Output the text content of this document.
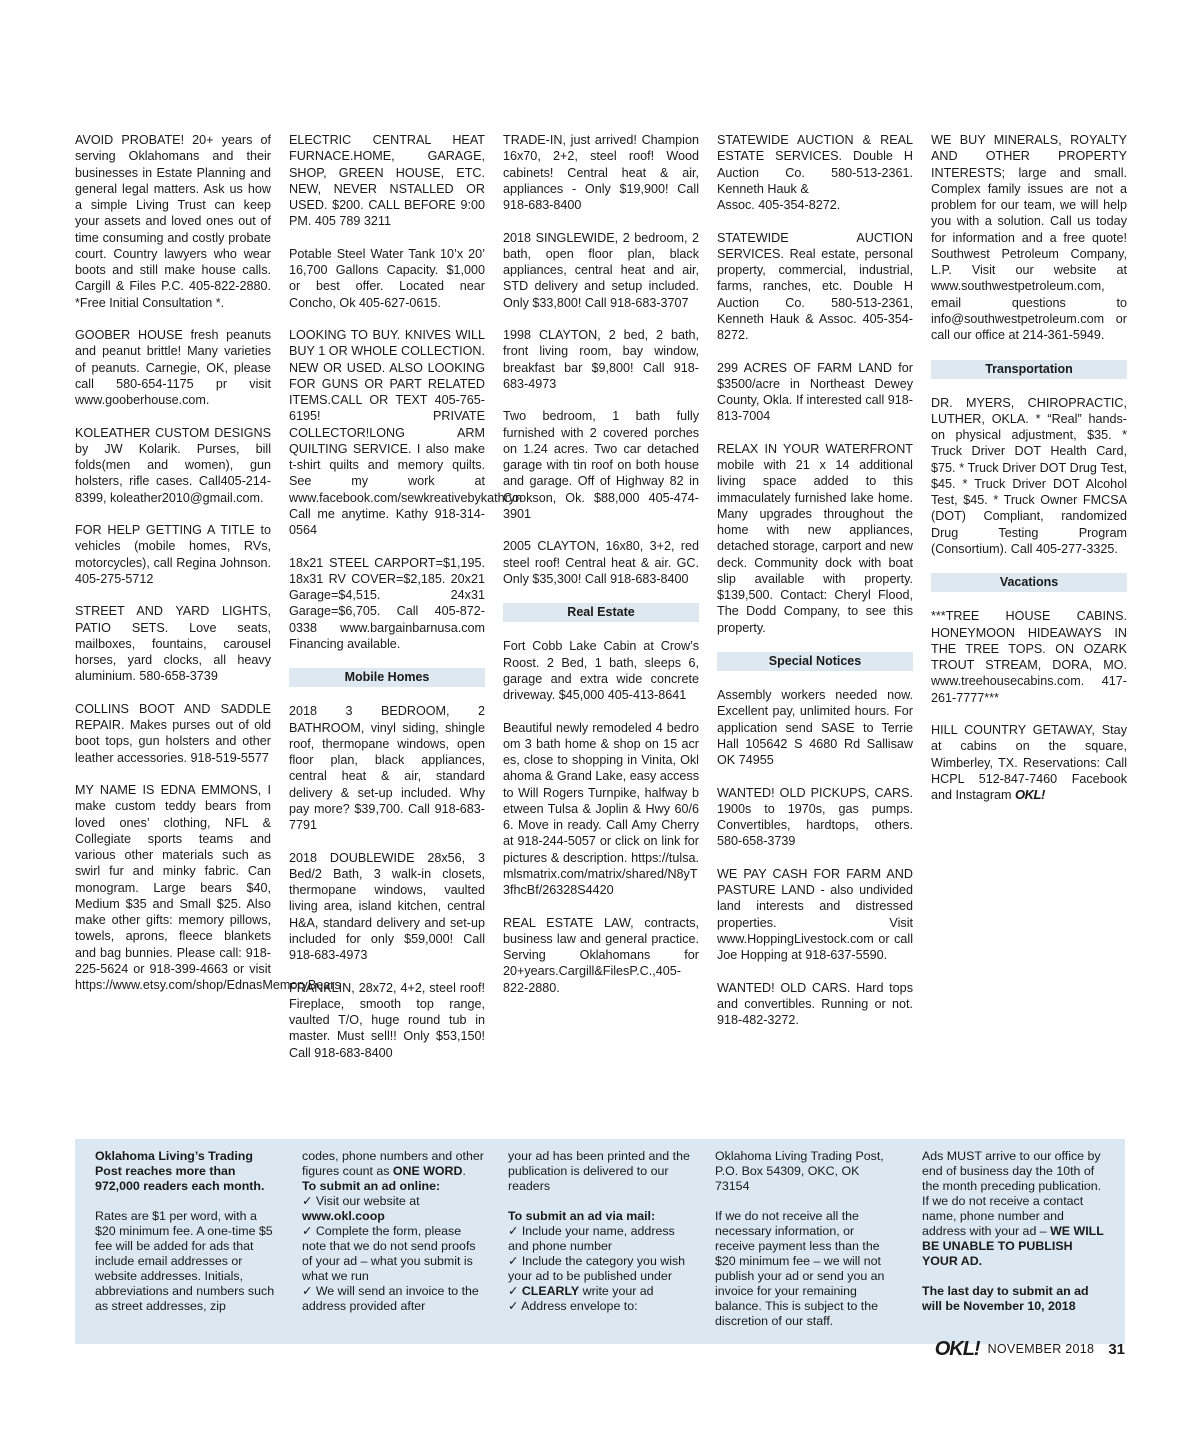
AVOID PROBATE! 20+ years of serving Oklahomans and their businesses in Estate Planning and general legal matters. Ask us how a simple Living Trust can keep your assets and loved ones out of time consuming and costly probate court. Country lawyers who wear boots and still make house calls. Cargill & Files P.C. 405-822-2880. *Free Initial Consultation *.

GOOBER HOUSE fresh peanuts and peanut brittle! Many varieties of peanuts. Carnegie, OK, please call 580-654-1175 pr visit www.gooberhouse.com.

KOLEATHER CUSTOM DESIGNS by JW Kolarik. Purses, bill folds(men and women), gun holsters, rifle cases. Call405-214-8399, koleather2010@gmail.com.

FOR HELP GETTING A TITLE to vehicles (mobile homes, RVs, motorcycles), call Regina Johnson. 405-275-5712

STREET AND YARD LIGHTS, PATIO SETS. Love seats, mailboxes, fountains, carousel horses, yard clocks, all heavy aluminium. 580-658-3739

COLLINS BOOT AND SADDLE REPAIR. Makes purses out of old boot tops, gun holsters and other leather accessories. 918-519-5577

MY NAME IS EDNA EMMONS, I make custom teddy bears from loved ones’ clothing, NFL & Collegiate sports teams and various other materials such as swirl fur and minky fabric. Can monogram. Large bears $40, Medium $35 and Small $25. Also make other gifts: memory pillows, towels, aprons, fleece blankets and bag bunnies. Please call: 918-225-5624 or 918-399-4663 or visit https://www.etsy.com/shop/EdnasMemoryBears

ELECTRIC CENTRAL HEAT FURNACE.HOME, GARAGE, SHOP, GREEN HOUSE, ETC. NEW, NEVER NSTALLED OR USED. $200. CALL BEFORE 9:00 PM. 405 789 3211

Potable Steel Water Tank 10’x 20’ 16,700 Gallons Capacity. $1,000 or best offer. Located near Concho, Ok 405-627-0615.

LOOKING TO BUY. KNIVES WILL BUY 1 OR WHOLE COLLECTION. NEW OR USED. ALSO LOOKING FOR GUNS OR PART RELATED ITEMS.CALL OR TEXT 405-765-6195! PRIVATE COLLECTOR!LONG ARM QUILTING SERVICE. I also make t-shirt quilts and memory quilts. See my work at www.facebook.com/sewkreativebykathryn Call me anytime. Kathy 918-314-0564

18x21 STEEL CARPORT=$1,195. 18x31 RV COVER=$2,185. 20x21 Garage=$4,515. 24x31 Garage=$6,705. Call 405-872-0338 www.bargainbarnusa.com Financing available.

Mobile Homes

2018 3 BEDROOM, 2 BATHROOM, vinyl siding, shingle roof, thermopane windows, open floor plan, black appliances, central heat & air, standard delivery & set-up included. Why pay more? $39,700. Call 918-683-7791

2018 DOUBLEWIDE 28x56, 3 Bed/2 Bath, 3 walk-in closets, thermopane windows, vaulted living area, island kitchen, central H&A, standard delivery and set-up included for only $59,000! Call 918-683-4973

FRANKLIN, 28x72, 4+2, steel roof! Fireplace, smooth top range, vaulted T/O, huge round tub in master. Must sell!! Only $53,150! Call 918-683-8400

TRADE-IN, just arrived! Champion 16x70, 2+2, steel roof! Wood cabinets! Central heat & air, appliances - Only $19,900! Call 918-683-8400

2018 SINGLEWIDE, 2 bedroom, 2 bath, open floor plan, black appliances, central heat and air, STD delivery and setup included. Only $33,800! Call 918-683-3707

1998 CLAYTON, 2 bed, 2 bath, front living room, bay window, breakfast bar $9,800! Call 918-683-4973

Two bedroom, 1 bath fully furnished with 2 covered porches on 1.24 acres. Two car detached garage with tin roof on both house and garage. Off of Highway 82 in Cookson, Ok. $88,000 405-474-3901

2005 CLAYTON, 16x80, 3+2, red steel roof! Central heat & air. GC. Only $35,300! Call 918-683-8400

Real Estate

Fort Cobb Lake Cabin at Crow’s Roost. 2 Bed, 1 bath, sleeps 6, garage and extra wide concrete driveway. $45,000 405-413-8641

Beautiful newly remodeled 4 bedroom 3 bath home & shop on 15 acres, close to shopping in Vinita, Oklahoma & Grand Lake, easy access to Will Rogers Turnpike, halfway between Tulsa & Joplin & Hwy 60/66. Move in ready. Call Amy Cherry at 918-244-5057 or click on link for pictures & description. https://tulsa.mlsmatrix.com/matrix/shared/N8yT3fhcBf/26328S4420

REAL ESTATE LAW, contracts, business law and general practice. Serving Oklahomans for 20+years.Cargill&FilesP.C.,405-822-2880.

STATEWIDE AUCTION & REAL ESTATE SERVICES. Double H Auction Co. 580-513-2361. Kenneth Hauk &
Assoc. 405-354-8272.

STATEWIDE AUCTION SERVICES. Real estate, personal property, commercial, industrial, farms, ranches, etc. Double H Auction Co. 580-513-2361, Kenneth Hauk & Assoc. 405-354-8272.

299 ACRES OF FARM LAND for $3500/acre in Northeast Dewey County, Okla. If interested call 918-813-7004

RELAX IN YOUR WATERFRONT mobile with 21 x 14 additional living space added to this immaculately furnished lake home. Many upgrades throughout the home with new appliances, detached storage, carport and new deck. Community dock with boat slip available with property. $139,500. Contact: Cheryl Flood, The Dodd Company, to see this property.

Special Notices

Assembly workers needed now. Excellent pay, unlimited hours. For application send SASE to Terrie Hall 105642 S 4680 Rd Sallisaw OK 74955

WANTED! OLD PICKUPS, CARS. 1900s to 1970s, gas pumps. Convertibles, hardtops, others. 580-658-3739

WE PAY CASH FOR FARM AND PASTURE LAND - also undivided land interests and distressed properties. Visit www.HoppingLivestock.com or call Joe Hopping at 918-637-5590.

WANTED! OLD CARS. Hard tops and convertibles. Running or not. 918-482-3272.

WE BUY MINERALS, ROYALTY AND OTHER PROPERTY INTERESTS; large and small. Complex family issues are not a problem for our team, we will help you with a solution. Call us today for information and a free quote! Southwest Petroleum Company, L.P. Visit our website at www.southwestpetroleum.com, email questions to info@southwestpetroleum.com or call our office at 214-361-5949.

Transportation

DR. MYERS, CHIROPRACTIC, LUTHER, OKLA. * “Real” hands-on physical adjustment, $35. * Truck Driver DOT Health Card, $75. * Truck Driver DOT Drug Test, $45. * Truck Driver DOT Alcohol Test, $45. * Truck Owner FMCSA (DOT) Compliant, randomized Drug Testing Program (Consortium). Call 405-277-3325.

Vacations

***TREE HOUSE CABINS. HONEYMOON HIDEAWAYS IN THE TREE TOPS. ON OZARK TROUT STREAM, DORA, MO. www.treehousecabins.com. 417-261-7777***

HILL COUNTRY GETAWAY, Stay at cabins on the square, Wimberley, TX. Reservations: Call HCPL 512-847-7460 Facebook and Instagram OKL!

Oklahoma Living’s Trading Post reaches more than 972,000 readers each month.

Rates are $1 per word, with a $20 minimum fee. A one-time $5 fee will be added for ads that include email addresses or website addresses. Initials, abbreviations and numbers such as street addresses, zip

codes, phone numbers and other figures count as ONE WORD.
To submit an ad online:
✓ Visit our website at www.okl.coop
✓ Complete the form, please note that we do not send proofs of your ad – what you submit is what we run
✓ We will send an invoice to the address provided after

your ad has been printed and the publication is delivered to our readers

To submit an ad via mail:
✓ Include your name, address and phone number
✓ Include the category you wish your ad to be published under
✓ CLEARLY write your ad
✓ Address envelope to:

Oklahoma Living Trading Post, P.O. Box 54309, OKC, OK 73154

If we do not receive all the necessary information, or receive payment less than the $20 minimum fee – we will not publish your ad or send you an invoice for your remaining balance. This is subject to the discretion of our staff.

Ads MUST arrive to our office by end of business day the 10th of the month preceding publication. If we do not receive a contact name, phone number and address with your ad – WE WILL BE UNABLE TO PUBLISH YOUR AD.

The last day to submit an ad will be November 10, 2018

OKL! NOVEMBER 2018 31
